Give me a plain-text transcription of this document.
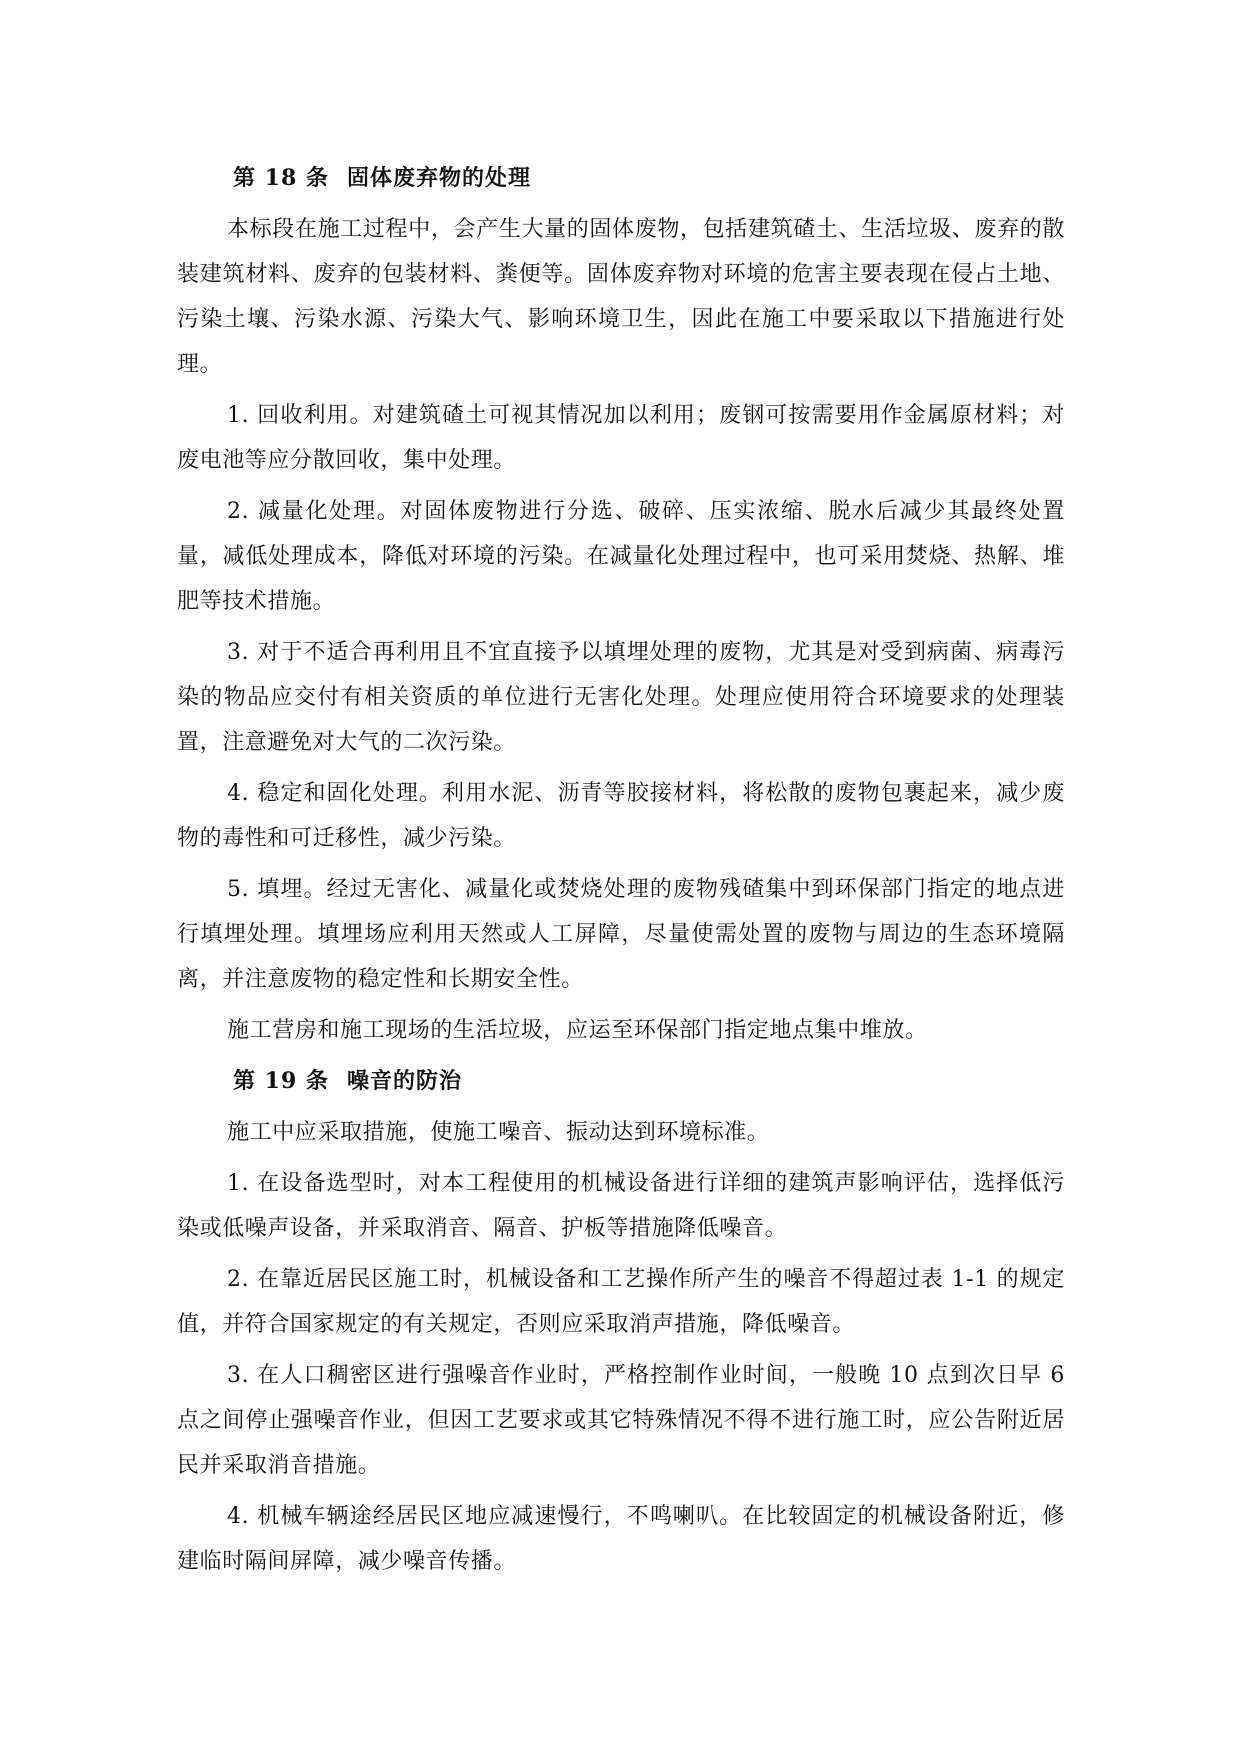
第 18 条 固体废弃物的处理

本标段在施工过程中，会产生大量的固体废物，包括建筑碴土、生活垃圾、废弃的散装建筑材料、废弃的包装材料、粪便等。固体废弃物对环境的危害主要表现在侵占土地、污染土壤、污染水源、污染大气、影响环境卫生，因此在施工中要采取以下措施进行处理。

1. 回收利用。对建筑碴土可视其情况加以利用；废钢可按需要用作金属原材料；对废电池等应分散回收，集中处理。

2. 减量化处理。对固体废物进行分选、破碎、压实浓缩、脱水后减少其最终处置量，减低处理成本，降低对环境的污染。在减量化处理过程中，也可采用焚烧、热解、堆肥等技术措施。

3. 对于不适合再利用且不宜直接予以填埋处理的废物，尤其是对受到病菌、病毒污染的物品应交付有相关资质的单位进行无害化处理。处理应使用符合环境要求的处理装置，注意避免对大气的二次污染。

4. 稳定和固化处理。利用水泥、沥青等胶接材料，将松散的废物包裹起来，减少废物的毒性和可迁移性，减少污染。

5. 填埋。经过无害化、减量化或焚烧处理的废物残碴集中到环保部门指定的地点进行填埋处理。填埋场应利用天然或人工屏障，尽量使需处置的废物与周边的生态环境隔离，并注意废物的稳定性和长期安全性。

施工营房和施工现场的生活垃圾，应运至环保部门指定地点集中堆放。

第 19 条 噪音的防治

施工中应采取措施，使施工噪音、振动达到环境标准。

1. 在设备选型时，对本工程使用的机械设备进行详细的建筑声影响评估，选择低污染或低噪声设备，并采取消音、隔音、护板等措施降低噪音。

2. 在靠近居民区施工时，机械设备和工艺操作所产生的噪音不得超过表 1-1 的规定值，并符合国家规定的有关规定，否则应采取消声措施，降低噪音。

3. 在人口稠密区进行强噪音作业时，严格控制作业时间，一般晚 10 点到次日早 6 点之间停止强噪音作业，但因工艺要求或其它特殊情况不得不进行施工时，应公告附近居民并采取消音措施。

4. 机械车辆途经居民区地应减速慢行，不鸣喇叭。在比较固定的机械设备附近，修建临时隔间屏障，减少噪音传播。
